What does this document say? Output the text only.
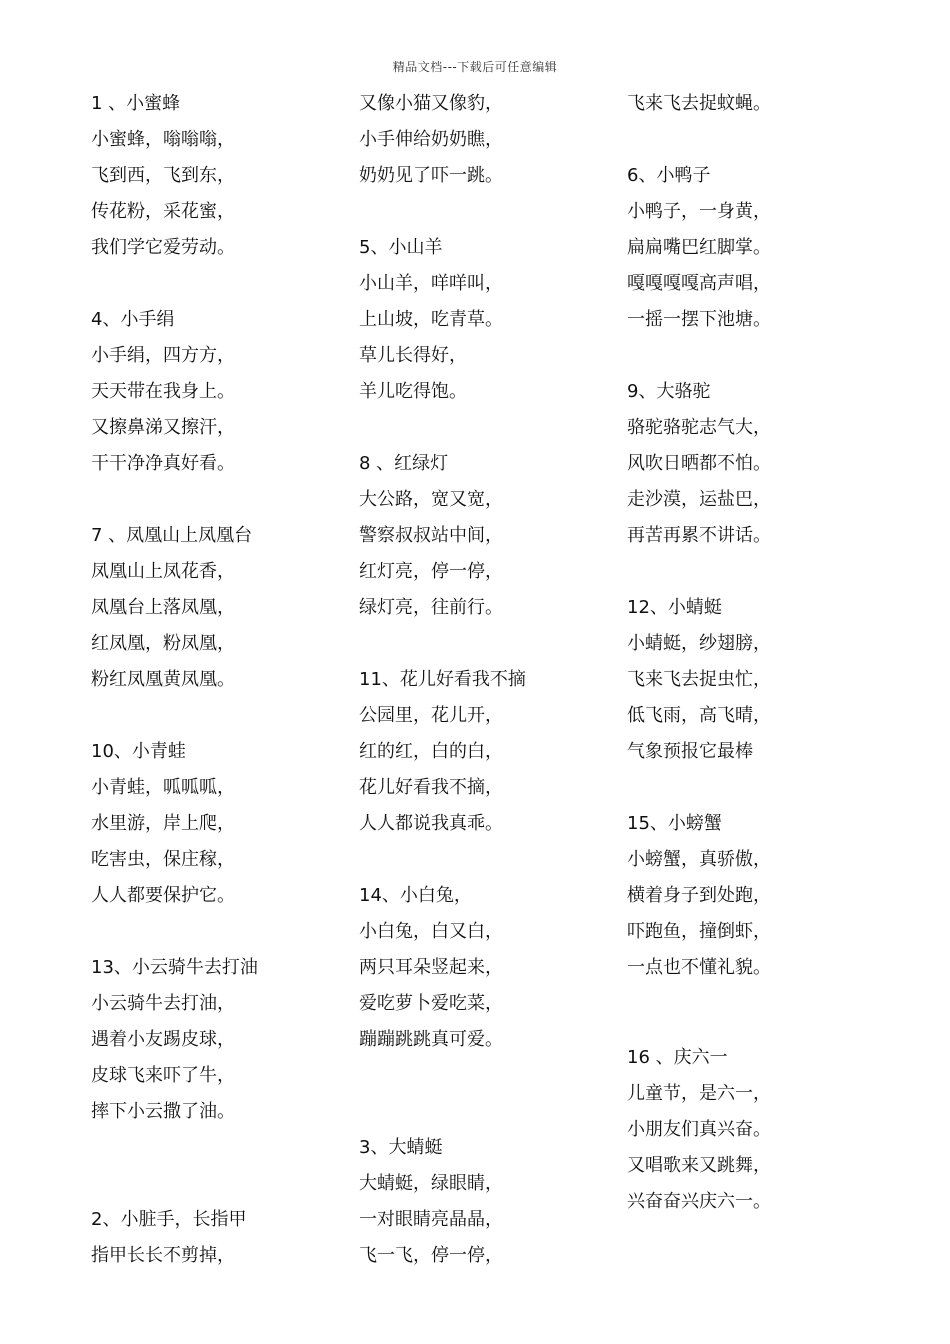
精品文档---下载后可任意编辑
1 、小蜜蜂
小蜜蜂，嗡嗡嗡，
飞到西，飞到东，
传花粉，采花蜜，
我们学它爱劳动。
4、小手绢
小手绢，四方方，
天天带在我身上。
又擦鼻涕又擦汗，
干干净净真好看。
7 、凤凰山上凤凰台
凤凰山上凤花香，
凤凰台上落凤凰，
红凤凰，粉凤凰，
粉红凤凰黄凤凰。
10、小青蛙
小青蛙，呱呱呱，
水里游，岸上爬，
吃害虫，保庄稼，
人人都要保护它。
13、小云骑牛去打油
小云骑牛去打油，
遇着小友踢皮球，
皮球飞来吓了牛，
摔下小云撒了油。
2、小脏手，长指甲
指甲长长不剪掉，
又像小猫又像豹，
小手伸给奶奶瞧，
奶奶见了吓一跳。
5、小山羊
小山羊，咩咩叫，
上山坡，吃青草。
草儿长得好，
羊儿吃得饱。
8 、红绿灯
大公路，宽又宽，
警察叔叔站中间，
红灯亮，停一停，
绿灯亮，往前行。
11、花儿好看我不摘
公园里，花儿开，
红的红，白的白，
花儿好看我不摘，
人人都说我真乖。
14、小白兔，
小白兔，白又白，
两只耳朵竖起来，
爱吃萝卜爱吃菜，
蹦蹦跳跳真可爱。
3、大蜻蜓
大蜻蜓，绿眼睛，
一对眼睛亮晶晶，
飞一飞，停一停，
飞来飞去捉蚊蝇。
6、小鸭子
小鸭子，一身黄，
扁扁嘴巴红脚掌。
嘎嘎嘎嘎高声唱，
一摇一摆下池塘。
9、大骆驼
骆驼骆驼志气大，
风吹日晒都不怕。
走沙漠，运盐巴，
再苦再累不讲话。
12、小蜻蜓
小蜻蜓，纱翅膀，
飞来飞去捉虫忙，
低飞雨，高飞晴，
气象预报它最棒
15、小螃蟹
小螃蟹，真骄傲，
横着身子到处跑，
吓跑鱼，撞倒虾，
一点也不懂礼貌。
16 、庆六一
儿童节，是六一，
小朋友们真兴奋。
又唱歌来又跳舞，
兴奋奋兴庆六一。
